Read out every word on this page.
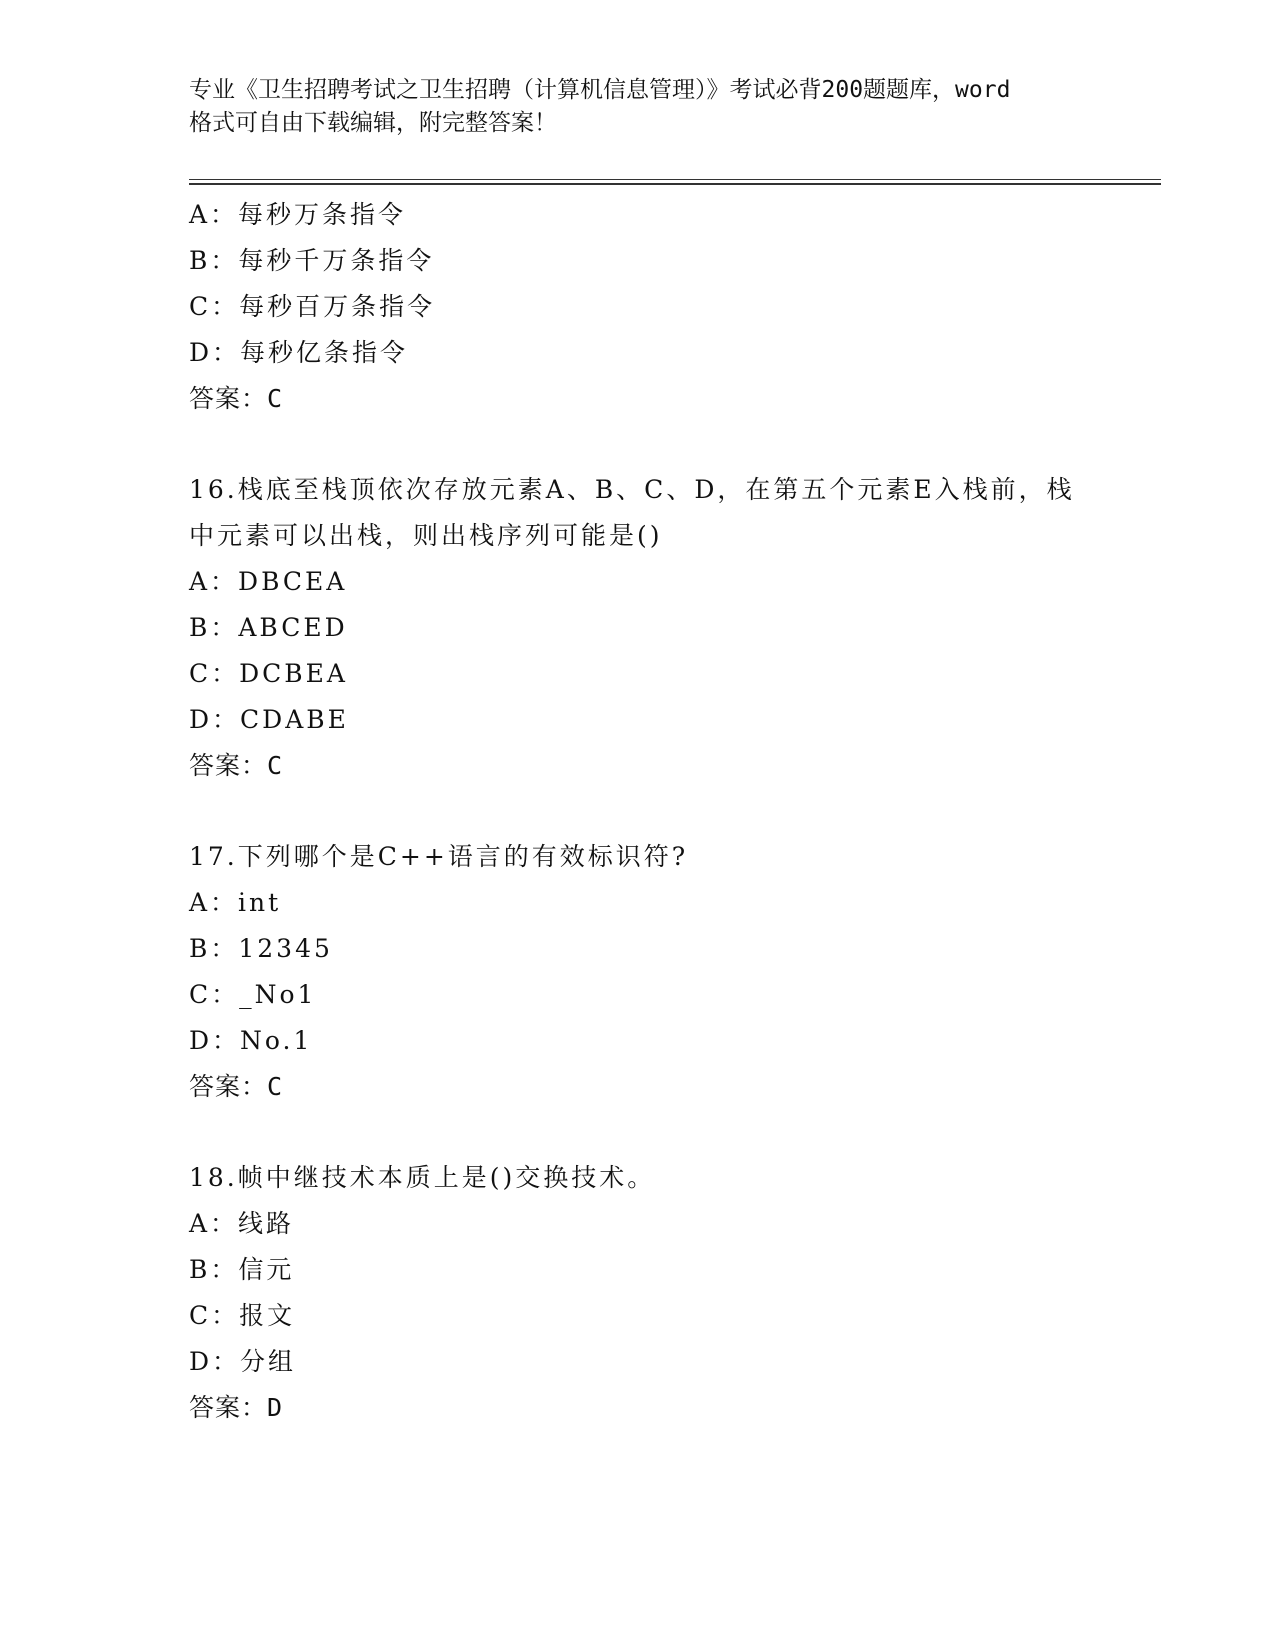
专业《卫生招聘考试之卫生招聘（计算机信息管理）》考试必背200题题库，word
格式可自由下载编辑，附完整答案！
A：每秒万条指令
B：每秒千万条指令
C：每秒百万条指令
D：每秒亿条指令
答案：C
16.栈底至栈顶依次存放元素A、B、C、D，在第五个元素E入栈前，栈
中元素可以出栈，则出栈序列可能是()
A：DBCEA
B：ABCED
C：DCBEA
D：CDABE
答案：C
17.下列哪个是C++语言的有效标识符?
A：int
B：12345
C：_No1
D：No.1
答案：C
18.帧中继技术本质上是()交换技术。
A：线路
B：信元
C：报文
D：分组
答案：D
